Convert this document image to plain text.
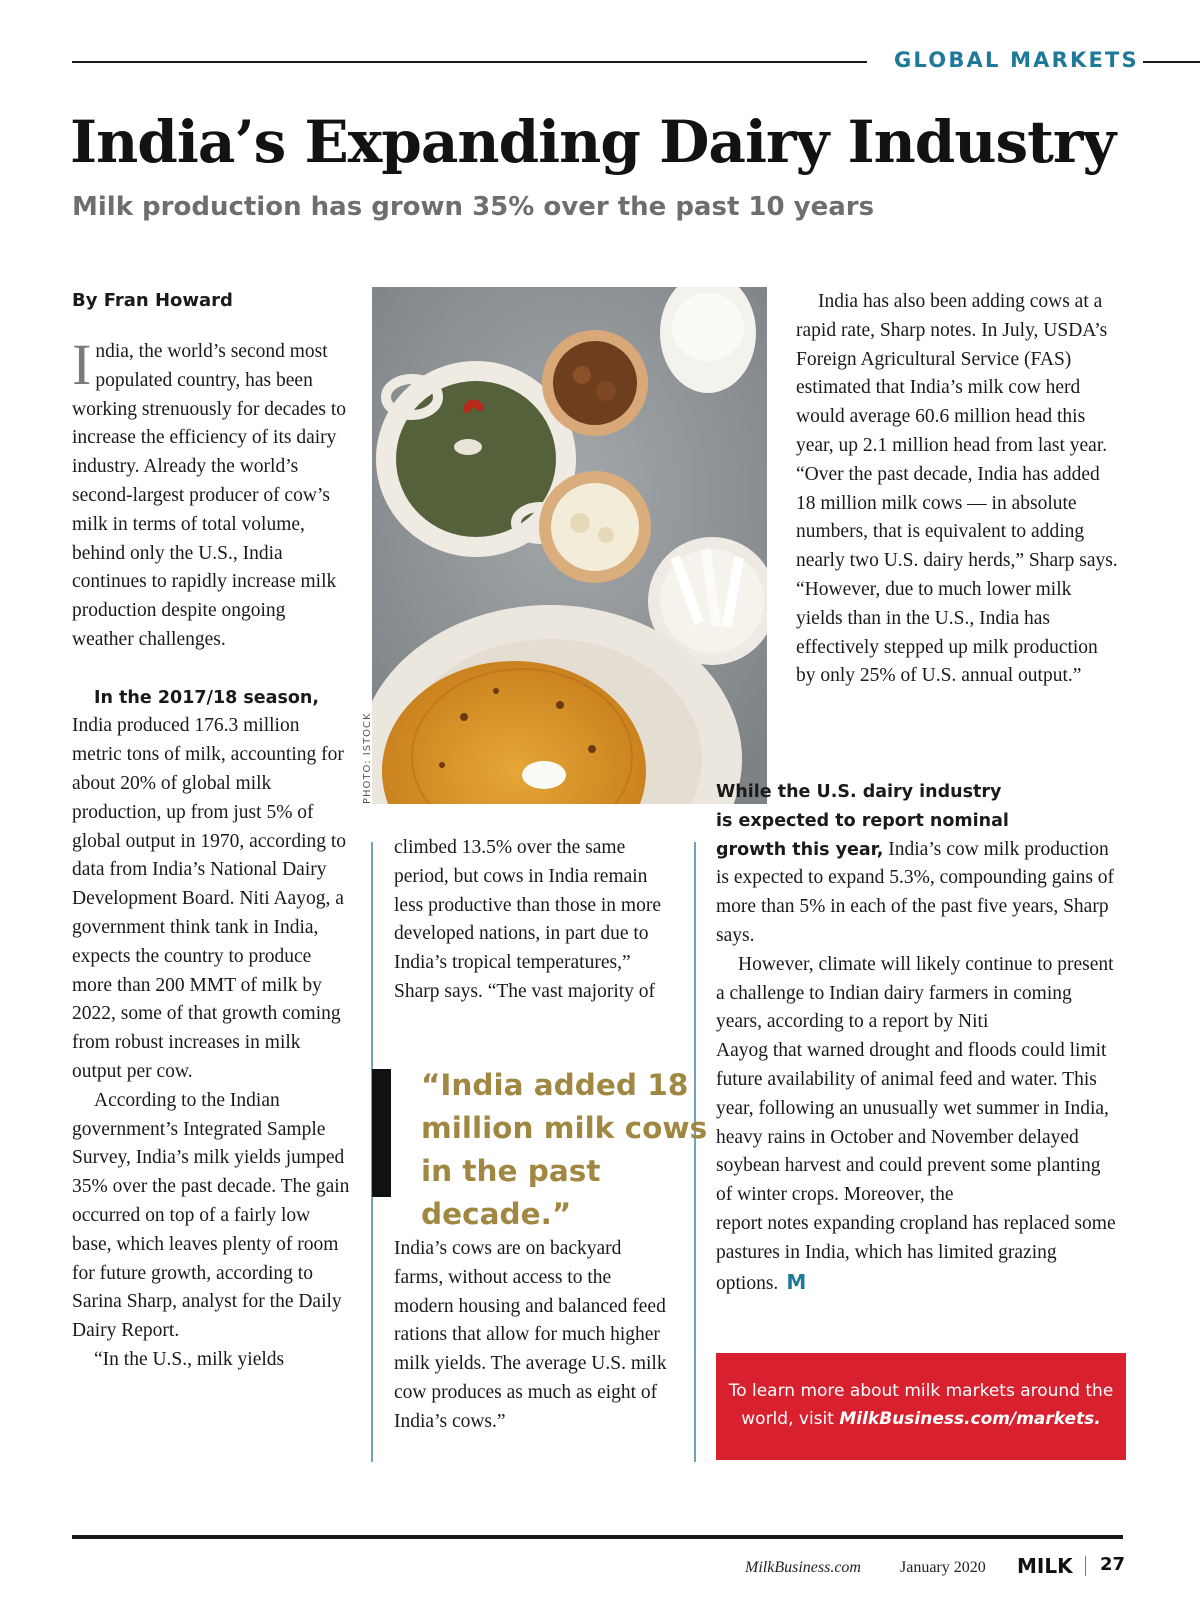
GLOBAL MARKETS
India’s Expanding Dairy Industry
Milk production has grown 35% over the past 10 years
By Fran Howard

India, the world’s second most populated country, has been working strenuously for decades to increase the efficiency of its dairy industry. Already the world’s second-largest producer of cow’s milk in terms of total volume, behind only the U.S., India continues to rapidly increase milk production despite ongoing weather challenges.

In the 2017/18 season, India produced 176.3 million metric tons of milk, accounting for about 20% of global milk production, up from just 5% of global output in 1970, according to data from India’s National Dairy Development Board. Niti Aayog, a government think tank in India, expects the country to produce more than 200 MMT of milk by 2022, some of that growth coming from robust increases in milk output per cow.

According to the Indian government’s Integrated Sample Survey, India’s milk yields jumped 35% over the past decade. The gain occurred on top of a fairly low base, which leaves plenty of room for future growth, according to Sarina Sharp, analyst for the Daily Dairy Report.

“In the U.S., milk yields

PHOTO: ISTOCK

climbed 13.5% over the same period, but cows in India remain less productive than those in more developed nations, in part due to India’s tropical temperatures,” Sharp says. “The vast majority of

“India added 18 million milk cows in the past decade.”

India’s cows are on backyard farms, without access to the modern housing and balanced feed rations that allow for much higher milk yields. The average U.S. milk cow produces as much as eight of India’s cows.”

India has also been adding cows at a rapid rate, Sharp notes. In July, USDA’s Foreign Agricultural Service (FAS) estimated that India’s milk cow herd would average 60.6 million head this year, up 2.1 million head from last year. “Over the past decade, India has added 18 million milk cows — in absolute numbers, that is equivalent to adding nearly two U.S. dairy herds,” Sharp says. “However, due to much lower milk yields than in the U.S., India has effectively stepped up milk production by only 25% of U.S. annual output.”

While the U.S. dairy industry

is expected to report nominal

growth this year, India’s cow milk production is expected to expand 5.3%, compounding gains of more than 5% in each of the past five years, Sharp says.

However, climate will likely continue to present a challenge to Indian dairy farmers in coming years, according to a report by Niti

Aayog that warned drought and floods could limit future availability of animal feed and water. This year, following an unusually wet summer in India, heavy rains in October and November delayed soybean harvest and could prevent some planting of winter crops. Moreover, the

report notes expanding cropland has replaced some pastures in India, which has limited grazing options. M

To learn more about milk markets around the world, visit MilkBusiness.com/markets.
MilkBusiness.com January 2020 MILK 27
